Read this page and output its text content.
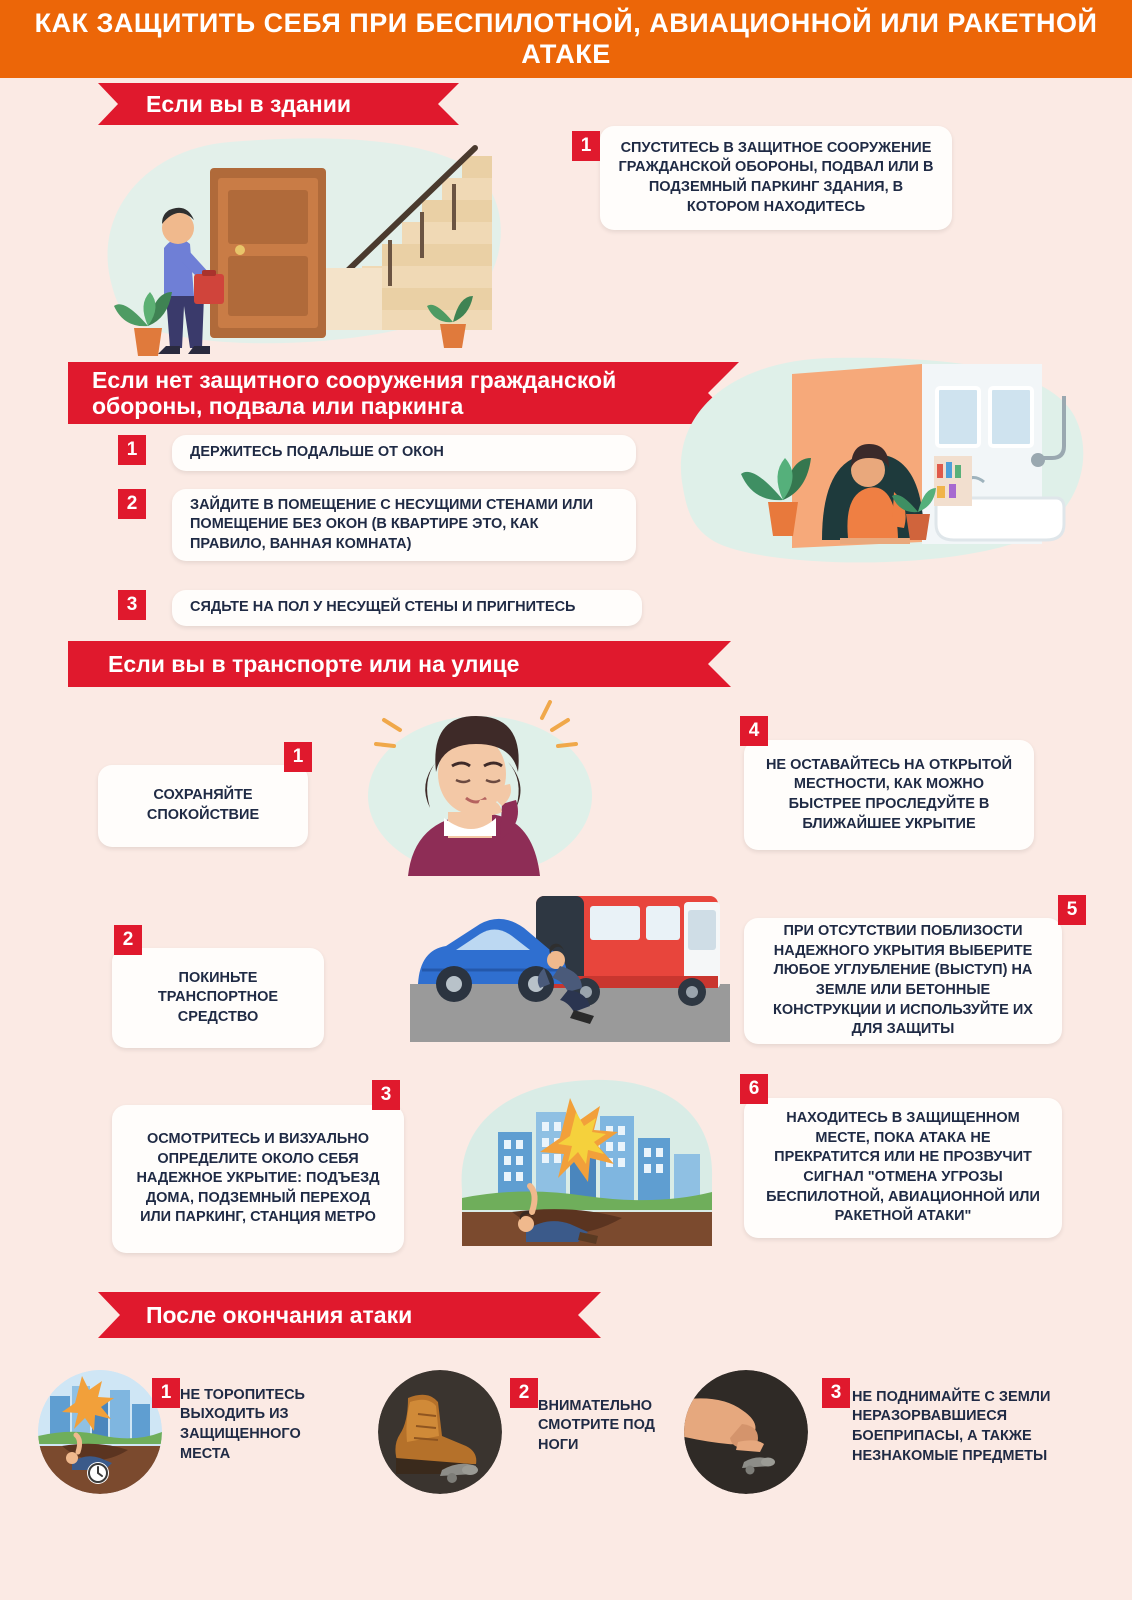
КАК ЗАЩИТИТЬ СЕБЯ ПРИ БЕСПИЛОТНОЙ, АВИАЦИОННОЙ ИЛИ РАКЕТНОЙ АТАКЕ
Если вы в здании
1	СПУСТИТЕСЬ В ЗАЩИТНОЕ СООРУЖЕНИЕ ГРАЖДАНСКОЙ ОБОРОНЫ, ПОДВАЛ ИЛИ В ПОДЗЕМНЫЙ ПАРКИНГ ЗДАНИЯ, В КОТОРОМ НАХОДИТЕСЬ
Если нет защитного сооружения гражданской обороны, подвала или паркинга
1	ДЕРЖИТЕСЬ ПОДАЛЬШЕ ОТ ОКОН
2	ЗАЙДИТЕ В ПОМЕЩЕНИЕ С НЕСУЩИМИ СТЕНАМИ ИЛИ ПОМЕЩЕНИЕ БЕЗ ОКОН (В КВАРТИРЕ ЭТО, КАК ПРАВИЛО, ВАННАЯ КОМНАТА)
3	СЯДЬТЕ НА ПОЛ У НЕСУЩЕЙ СТЕНЫ И ПРИГНИТЕСЬ
Если вы в транспорте или на улице
1
СОХРАНЯЙТЕ СПОКОЙСТВИЕ
4
НЕ ОСТАВАЙТЕСЬ НА ОТКРЫТОЙ МЕСТНОСТИ, КАК МОЖНО БЫСТРЕЕ ПРОСЛЕДУЙТЕ В БЛИЖАЙШЕЕ УКРЫТИЕ
2
ПОКИНЬТЕ ТРАНСПОРТНОЕ СРЕДСТВО
5
ПРИ ОТСУТСТВИИ ПОБЛИЗОСТИ НАДЕЖНОГО УКРЫТИЯ ВЫБЕРИТЕ ЛЮБОЕ УГЛУБЛЕНИЕ (ВЫСТУП) НА ЗЕМЛЕ ИЛИ БЕТОННЫЕ КОНСТРУКЦИИ И ИСПОЛЬЗУЙТЕ ИХ ДЛЯ ЗАЩИТЫ
3
ОСМОТРИТЕСЬ И ВИЗУАЛЬНО ОПРЕДЕЛИТЕ ОКОЛО СЕБЯ НАДЕЖНОЕ УКРЫТИЕ: ПОДЪЕЗД ДОМА, ПОДЗЕМНЫЙ ПЕРЕХОД ИЛИ ПАРКИНГ, СТАНЦИЯ МЕТРО
6
НАХОДИТЕСЬ В ЗАЩИЩЕННОМ МЕСТЕ, ПОКА АТАКА НЕ ПРЕКРАТИТСЯ ИЛИ НЕ ПРОЗВУЧИТ СИГНАЛ "ОТМЕНА УГРОЗЫ БЕСПИЛОТНОЙ, АВИАЦИОННОЙ ИЛИ РАКЕТНОЙ АТАКИ"
После окончания атаки
1 НЕ ТОРОПИТЕСЬ ВЫХОДИТЬ ИЗ ЗАЩИЩЕННОГО МЕСТА
2
ВНИМАТЕЛЬНО СМОТРИТЕ ПОД НОГИ
3 НЕ ПОДНИМАЙТЕ С ЗЕМЛИ НЕРАЗОРВАВШИЕСЯ БОЕПРИПАСЫ, А ТАКЖЕ НЕЗНАКОМЫЕ ПРЕДМЕТЫ
